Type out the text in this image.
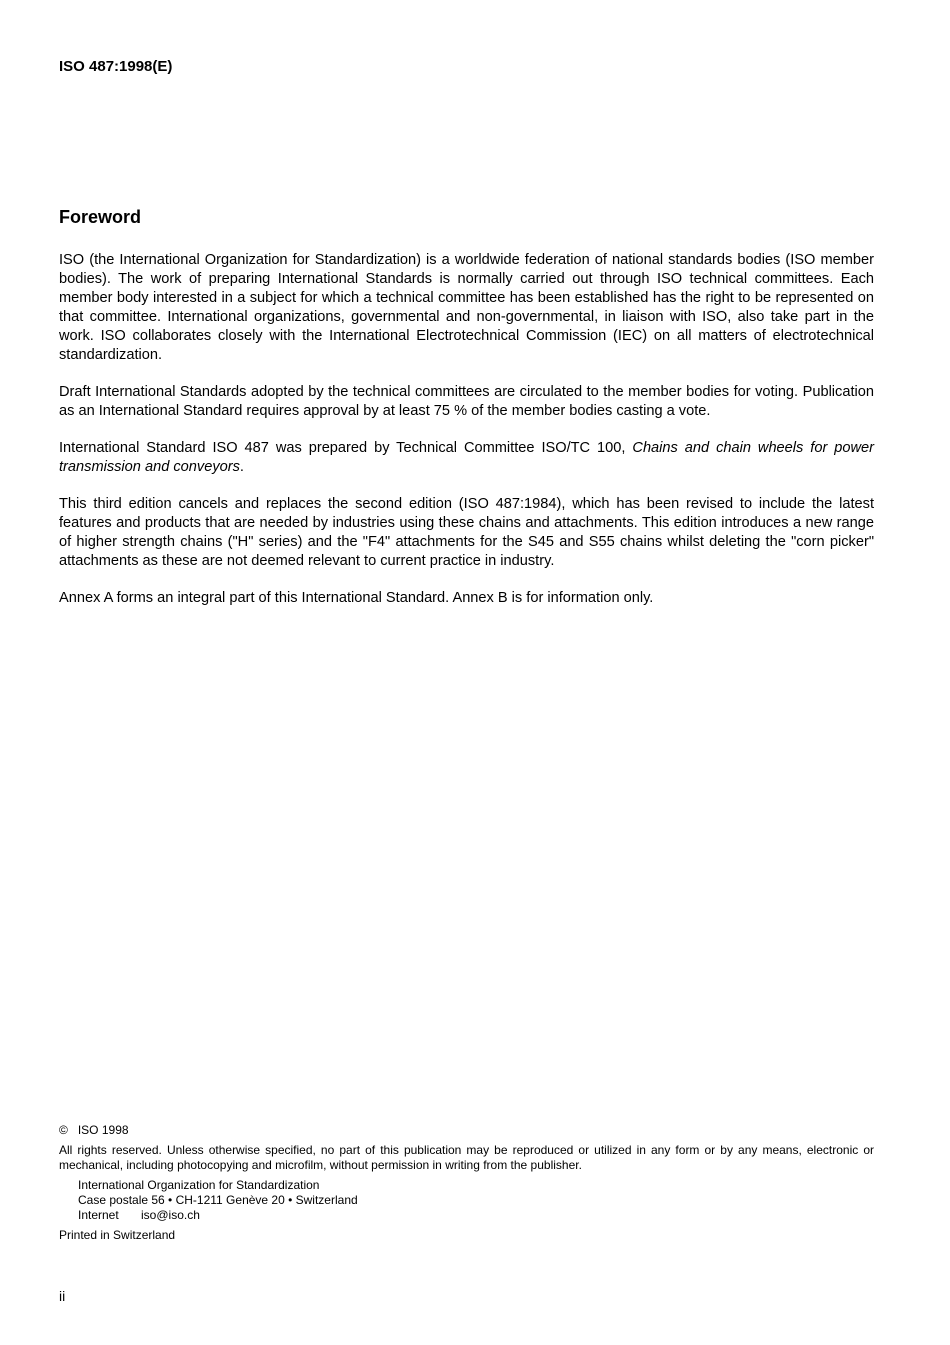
ISO 487:1998(E)

Foreword

ISO (the International Organization for Standardization) is a worldwide federation of national standards bodies (ISO member bodies). The work of preparing International Standards is normally carried out through ISO technical committees. Each member body interested in a subject for which a technical committee has been established has the right to be represented on that committee. International organizations, governmental and non-governmental, in liaison with ISO, also take part in the work. ISO collaborates closely with the International Electrotechnical Commission (IEC) on all matters of electrotechnical standardization.

Draft International Standards adopted by the technical committees are circulated to the member bodies for voting. Publication as an International Standard requires approval by at least 75 % of the member bodies casting a vote.

International Standard ISO 487 was prepared by Technical Committee ISO/TC 100, Chains and chain wheels for power transmission and conveyors.

This third edition cancels and replaces the second edition (ISO 487:1984), which has been revised to include the latest features and products that are needed by industries using these chains and attachments. This edition introduces a new range of higher strength chains ("H" series) and the "F4" attachments for the S45 and S55 chains whilst deleting the "corn picker" attachments as these are not deemed relevant to current practice in industry.

Annex A forms an integral part of this International Standard. Annex B is for information only.

© ISO 1998
All rights reserved. Unless otherwise specified, no part of this publication may be reproduced or utilized in any form or by any means, electronic or mechanical, including photocopying and microfilm, without permission in writing from the publisher.
International Organization for Standardization
Case postale 56 • CH-1211 Genève 20 • Switzerland
Internet iso@iso.ch
Printed in Switzerland

ii
